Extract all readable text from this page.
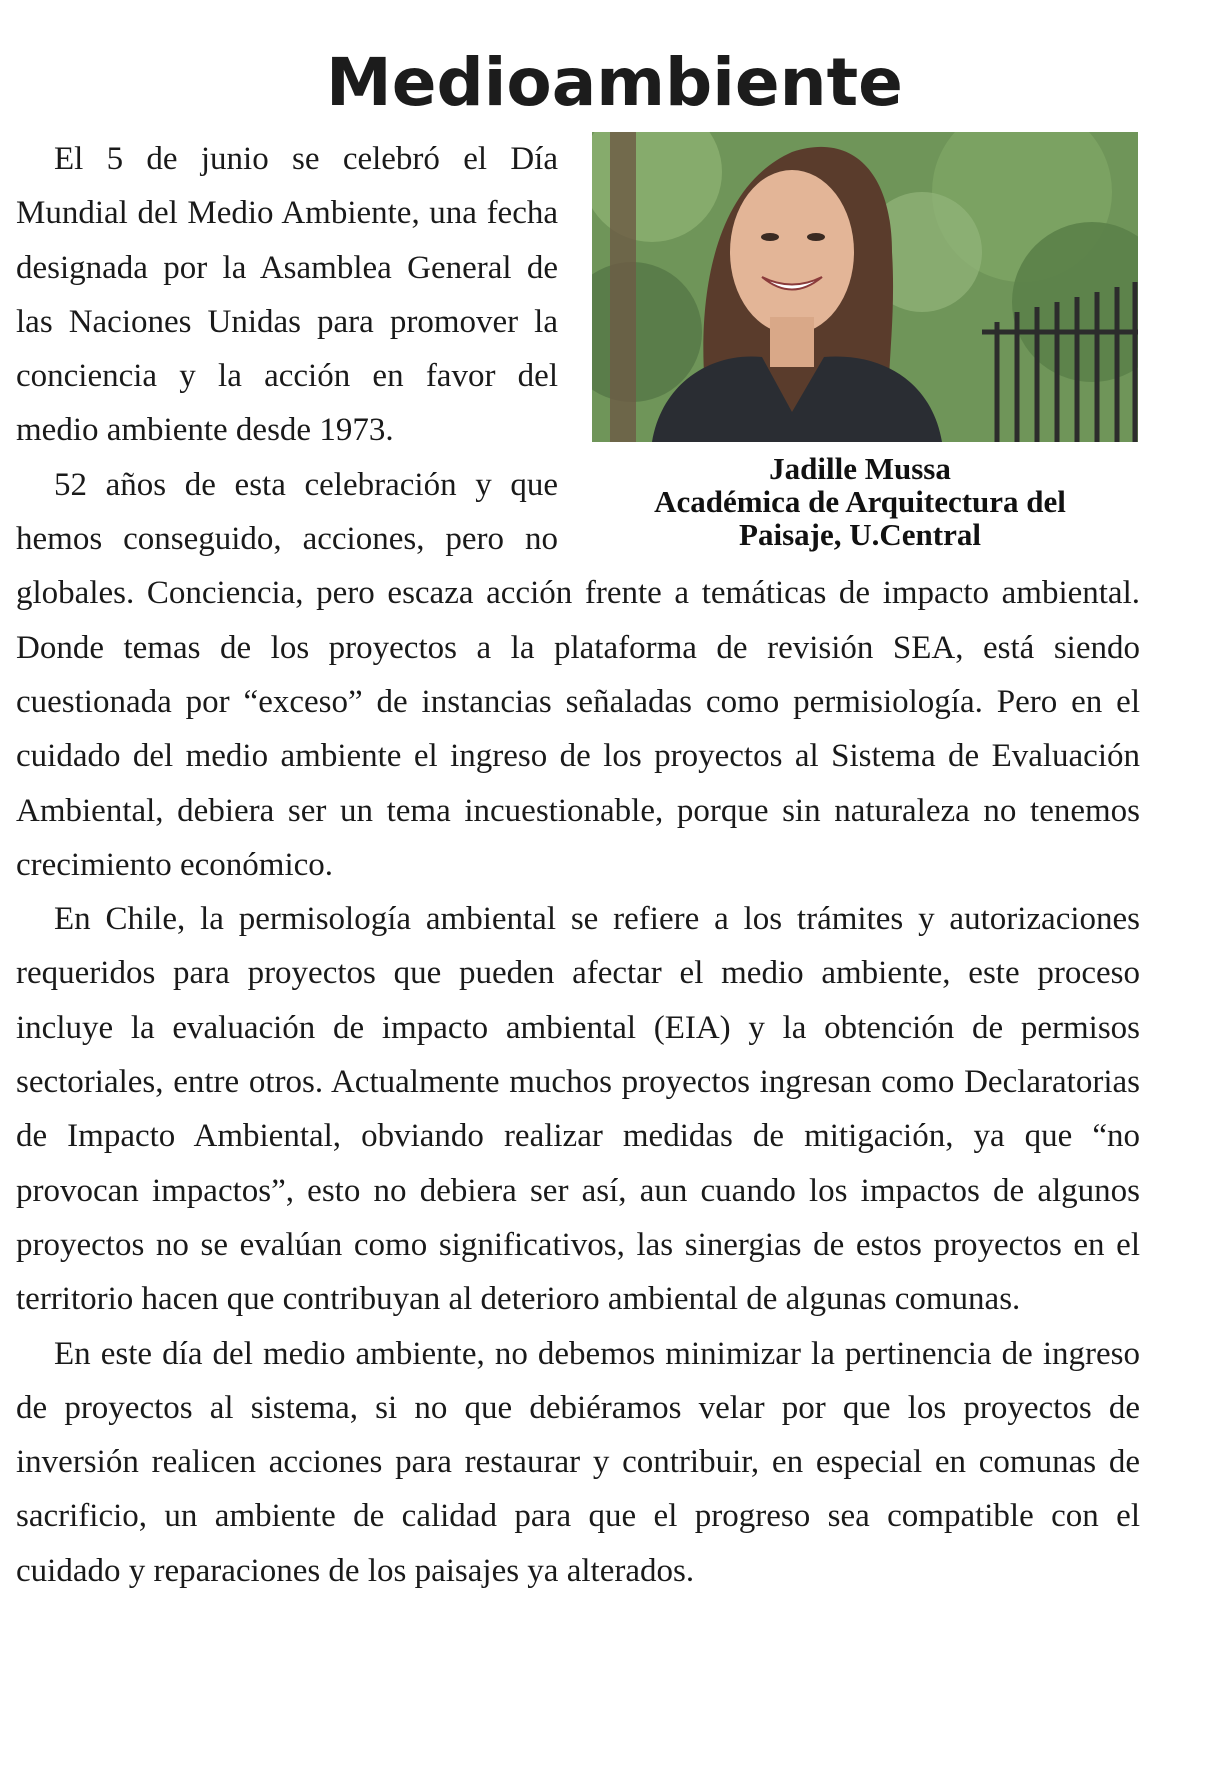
Medioambiente
Jadille Mussa
Académica de Arquitectura del
Paisaje, U.Central

El 5 de junio se celebró el Día Mundial del Medio Ambiente, una fecha designada por la Asamblea General de las Naciones Unidas para promover la conciencia y la acción en favor del medio ambiente desde 1973.

52 años de esta celebración y que hemos conseguido, acciones, pero no globales. Conciencia, pero escaza acción frente a temáticas de impacto ambiental. Donde temas de los proyectos a la plataforma de revisión SEA, está siendo cuestionada por “exceso” de instancias señaladas como permisiología. Pero en el cuidado del medio ambiente el ingreso de los proyectos al Sistema de Evaluación Ambiental, debiera ser un tema incuestionable, porque sin naturaleza no tenemos crecimiento económico.

En Chile, la permisología ambiental se refiere a los trámites y autorizaciones requeridos para proyectos que pueden afectar el medio ambiente, este proceso incluye la evaluación de impacto ambiental (EIA) y la obtención de permisos sectoriales, entre otros. Actualmente muchos proyectos ingresan como Declaratorias de Impacto Ambiental, obviando realizar medidas de mitigación, ya que “no provocan impactos”, esto no debiera ser así, aun cuando los impactos de algunos proyectos no se evalúan como significativos, las sinergias de estos proyectos en el territorio hacen que contribuyan al deterioro ambiental de algunas comunas.

En este día del medio ambiente, no debemos minimizar la pertinencia de ingreso de proyectos al sistema, si no que debiéramos velar por que los proyectos de inversión realicen acciones para restaurar y contribuir, en especial en comunas de sacrificio, un ambiente de calidad para que el progreso sea compatible con el cuidado y reparaciones de los paisajes ya alterados.
